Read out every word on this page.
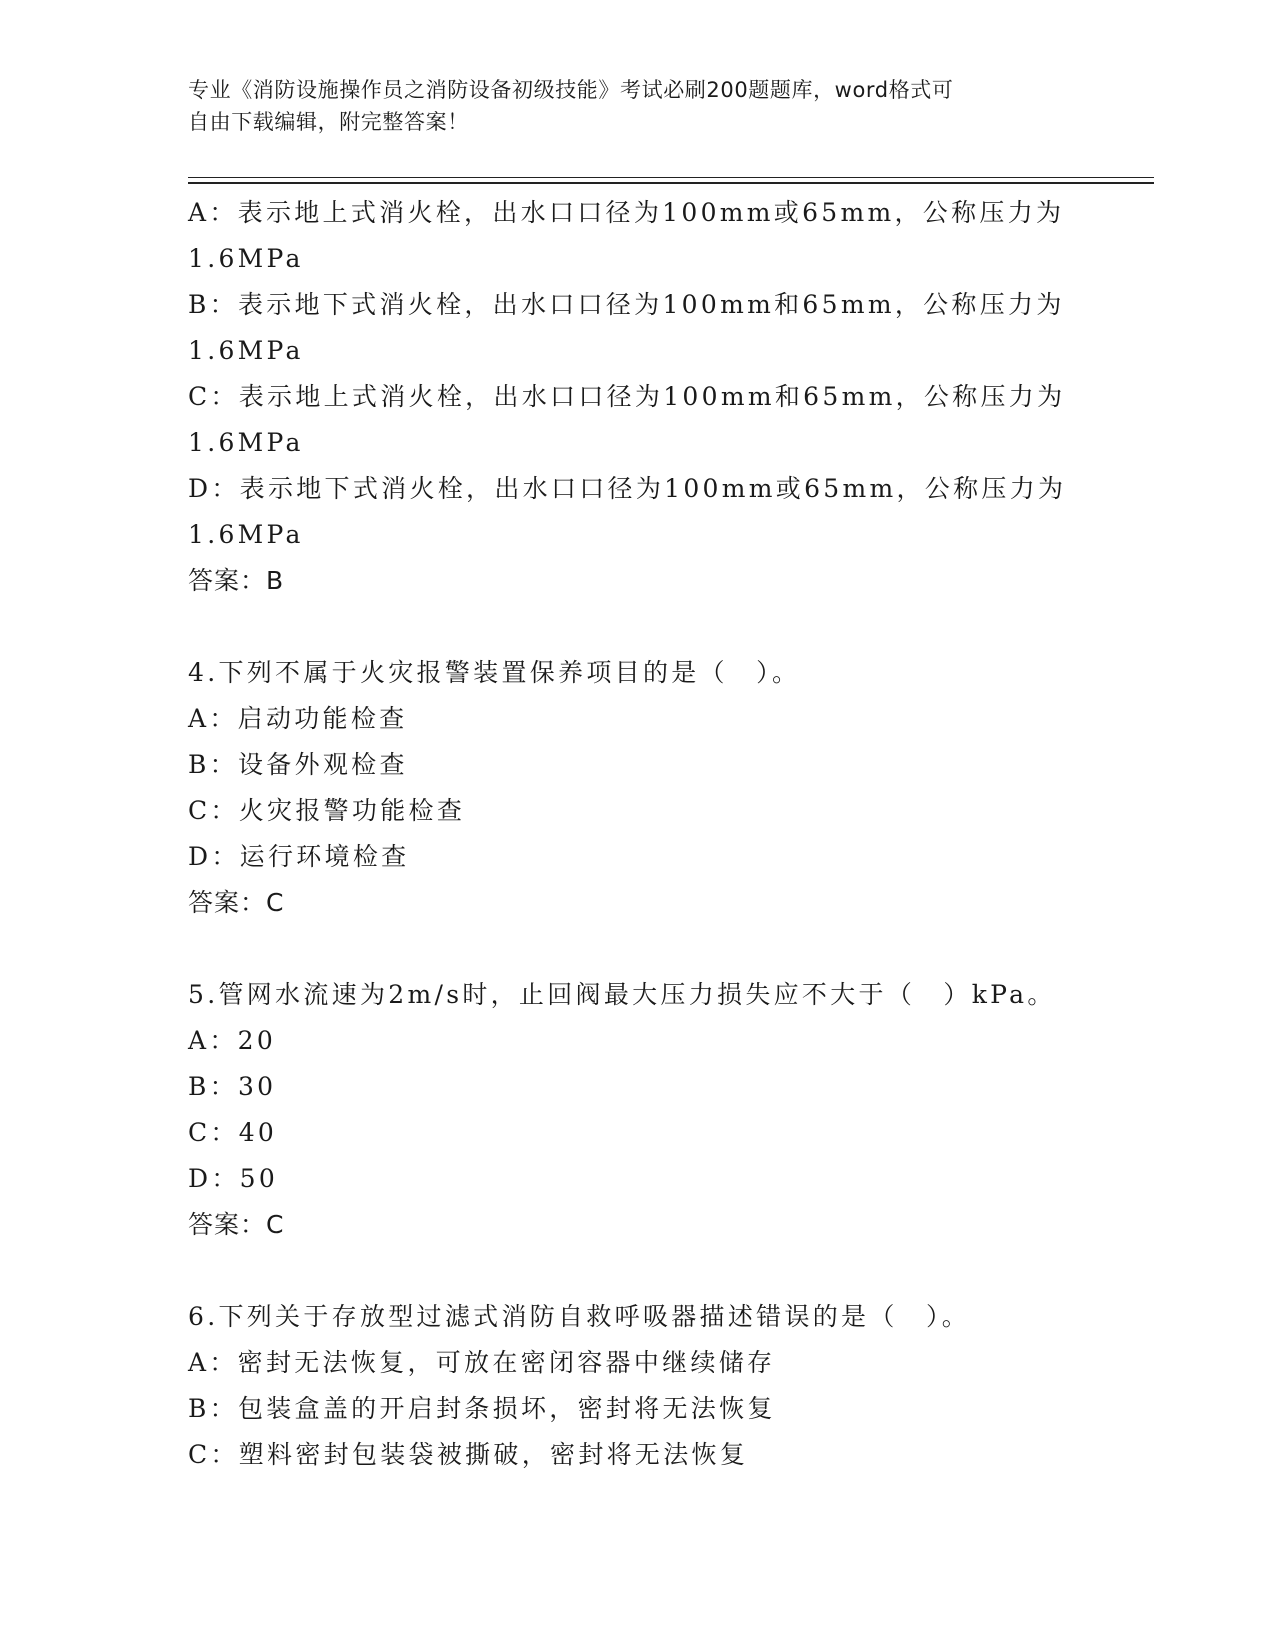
专业《消防设施操作员之消防设备初级技能》考试必刷200题题库，word格式可
自由下载编辑，附完整答案！
A：表示地上式消火栓，出水口口径为100mm或65mm，公称压力为
1.6MPa
B：表示地下式消火栓，出水口口径为100mm和65mm，公称压力为
1.6MPa
C：表示地上式消火栓，出水口口径为100mm和65mm，公称压力为
1.6MPa
D：表示地下式消火栓，出水口口径为100mm或65mm，公称压力为
1.6MPa
答案：B
4.下列不属于火灾报警装置保养项目的是（　）。
A：启动功能检查
B：设备外观检查
C：火灾报警功能检查
D：运行环境检查
答案：C
5.管网水流速为2m/s时，止回阀最大压力损失应不大于（　）kPa。
A：20
B：30
C：40
D：50
答案：C
6.下列关于存放型过滤式消防自救呼吸器描述错误的是（　）。
A：密封无法恢复，可放在密闭容器中继续储存
B：包装盒盖的开启封条损坏，密封将无法恢复
C：塑料密封包装袋被撕破，密封将无法恢复
